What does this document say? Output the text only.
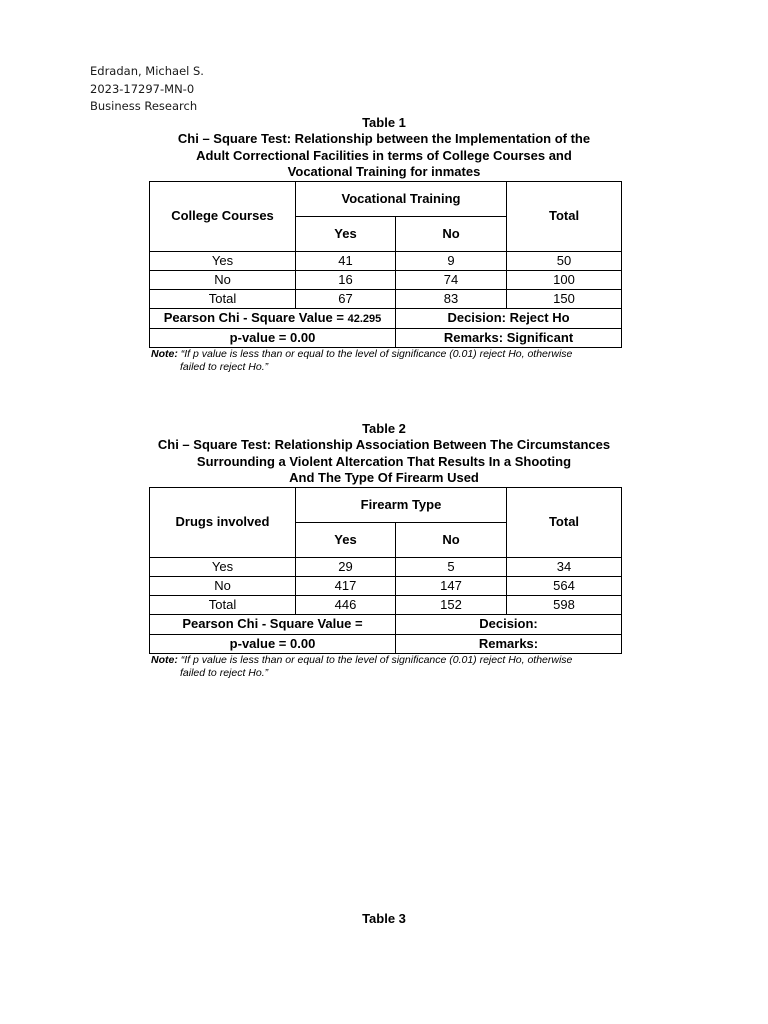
Edradan, Michael S.
2023-17297-MN-0
Business Research
Table 1
Chi – Square Test: Relationship between the Implementation of the
Adult Correctional Facilities in terms of College Courses and
Vocational Training for inmates
College Courses	Vocational Training		Total
	Yes	No	
Yes	41	9	50
No	16	74	100
Total	67	83	150
Pearson Chi - Square Value = 42.295		Decision: Reject Ho	
p-value = 0.00		Remarks: Significant	
Note: “If p value is less than or equal to the level of significance (0.01) reject Ho, otherwise
failed to reject Ho.”
Table 2
Chi – Square Test: Relationship Association Between The Circumstances
Surrounding a Violent Altercation That Results In a Shooting
And The Type Of Firearm Used
Drugs involved	Firearm Type		Total
	Yes	No	
Yes	29	5	34
No	417	147	564
Total	446	152	598
Pearson Chi - Square Value =		Decision:	
p-value = 0.00		Remarks:	
Note: “If p value is less than or equal to the level of significance (0.01) reject Ho, otherwise
failed to reject Ho.”
Table 3
